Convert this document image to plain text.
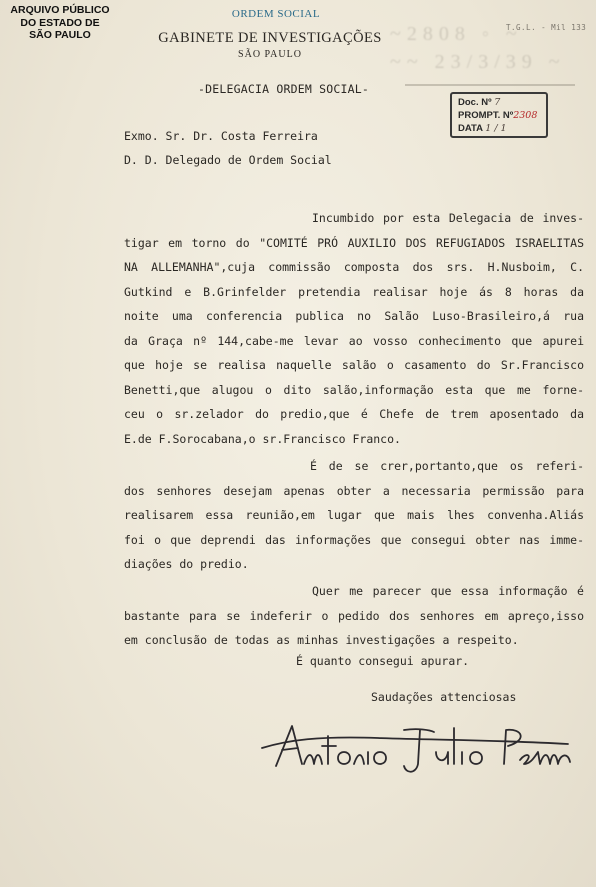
ARQUIVO PÚBLICO
DO ESTADO DE
SÃO PAULO
ORDEM SOCIAL
GABINETE DE INVESTIGAÇÕES
SÃO PAULO
-DELEGACIA ORDEM SOCIAL-
~2808 ◦ ~
~~ 23/3/39 ~
T.G.L. - Mil 133
Doc. Nº 7
PROMPT. Nº2308
DATA 1 / 1
Exmo. Sr. Dr. Costa Ferreira
D. D. Delegado de Ordem Social
Incumbido por esta Delegacia de inves-
tigar em torno do "COMITÉ PRÓ AUXILIO DOS REFUGIADOS ISRAELITAS
NA ALLEMANHA",cuja commissão composta dos srs. H.Nusboim, C.
Gutkind e B.Grinfelder pretendia realisar hoje ás 8 horas da
noite uma conferencia publica no Salão Luso-Brasileiro,á rua
da Graça nº 144,cabe-me levar ao vosso conhecimento que apurei
que hoje se realisa naquelle salão o casamento do Sr.Francisco
Benetti,que alugou o dito salão,informação esta que me forne-
ceu o sr.zelador do predio,que é Chefe de trem aposentado da
E.de F.Sorocabana,o sr.Francisco Franco.
É de se crer,portanto,que os referi-
dos senhores desejam apenas obter a necessaria permissão para
realisarem essa reunião,em lugar que mais lhes convenha.Aliás
foi o que deprendi das informações que consegui obter nas imme-
diações do predio.
Quer me parecer que essa informação é
bastante para se indeferir o pedido dos senhores em apreço,isso
em conclusão de todas as minhas investigações a respeito.
É quanto consegui apurar.
Saudações attenciosas
